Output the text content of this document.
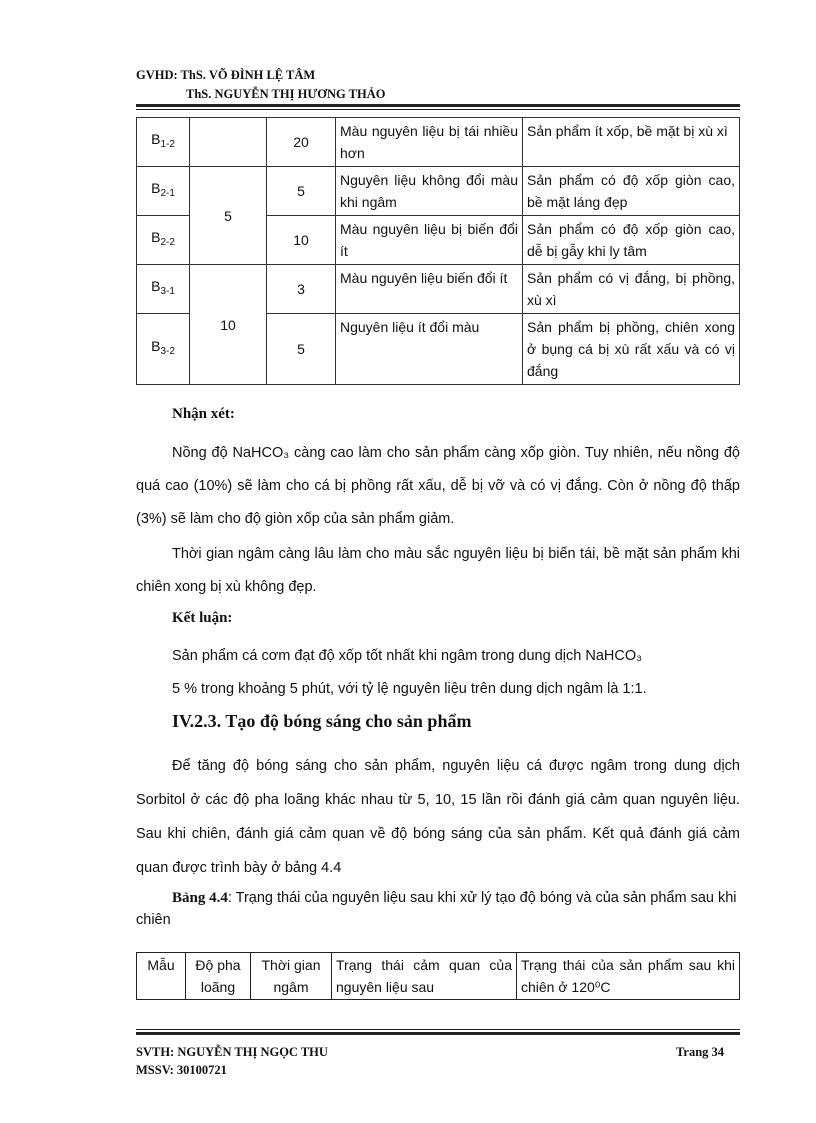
GVHD: ThS. VÕ ĐÌNH LỆ TÂM
ThS. NGUYỄN THỊ HƯƠNG THẢO
$B_{1-2}$		20	Màu nguyên liệu bị tái nhiều hơn	Sản phẩm ít xốp, bề mặt bị xù xì
$B_{2-1}$	5	5	Nguyên liệu không đổi màu khi ngâm	Sản phẩm có độ xốp giòn cao, bề mặt láng đẹp
$B_{2-2}$		10	Màu nguyên liệu bị biến đổi ít	Sản phẩm có độ xốp giòn cao, dễ bị gẫy khi ly tâm
$B_{3-1}$	10	3	Màu nguyên liệu biến đổi ít	Sản phẩm có vị đắng, bị phồng, xù xì
$B_{3-2}$		5	Nguyên liệu ít đổi màu	Sản phẩm bị phồng, chiên xong ở bụng cá bị xù rất xấu và có vị đắng
Nhận xét:
Nồng độ NaHCO₃ càng cao làm cho sản phẩm càng xốp giòn. Tuy nhiên, nếu nồng độ quá cao (10%) sẽ làm cho cá bị phồng rất xấu, dễ bị vỡ và có vị đắng. Còn ở nồng độ thấp (3%) sẽ làm cho độ giòn xốp của sản phẩm giảm.
Thời gian ngâm càng lâu làm cho màu sắc nguyên liệu bị biến tái, bề mặt sản phẩm khi chiên xong bị xù không đẹp.
Kết luận:
Sản phẩm cá cơm đạt độ xốp tốt nhất khi ngâm trong dung dịch NaHCO₃
5 % trong khoảng 5 phút, với tỷ lệ nguyên liệu trên dung dịch ngâm là 1:1.
IV.2.3. Tạo độ bóng sáng cho sản phẩm
Để tăng độ bóng sáng cho sản phẩm, nguyên liệu cá được ngâm trong dung dịch Sorbitol ở các độ pha loãng khác nhau từ 5, 10, 15 lần rồi đánh giá cảm quan nguyên liệu. Sau khi chiên, đánh giá cảm quan về độ bóng sáng của sản phẩm. Kết quả đánh giá cảm quan được trình bày ở bảng 4.4
Bảng 4.4: Trạng thái của nguyên liệu sau khi xử lý tạo độ bóng và của sản phẩm sau khi chiên
Mẫu	Độ pha loãng	Thời gian ngâm	Trạng thái cảm quan của nguyên liệu sau	Trạng thái của sản phẩm sau khi chiên ở 120⁰C
SVTH: NGUYỄN THỊ NGỌC THU
MSSV: 30100721
Trang 34
